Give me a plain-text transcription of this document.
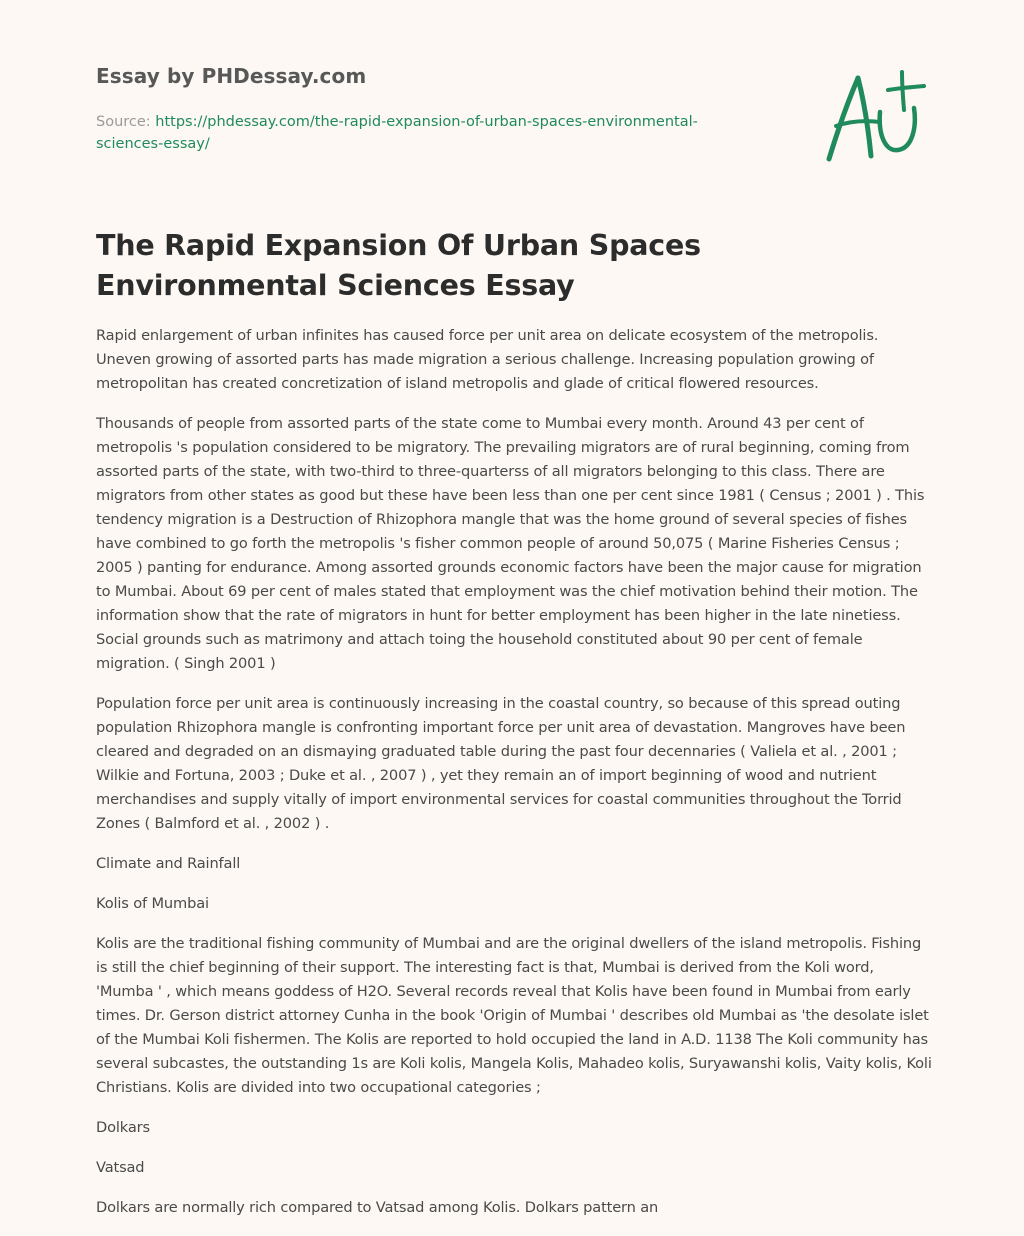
Essay by PHDessay.com
Source: https://phdessay.com/the-rapid-expansion-of-urban-spaces-environmental-sciences-essay/
The Rapid Expansion Of Urban Spaces Environmental Sciences Essay

Rapid enlargement of urban infinites has caused force per unit area on delicate ecosystem of the metropolis. Uneven growing of assorted parts has made migration a serious challenge. Increasing population growing of metropolitan has created concretization of island metropolis and glade of critical flowered resources.

Thousands of people from assorted parts of the state come to Mumbai every month. Around 43 per cent of metropolis 's population considered to be migratory. The prevailing migrators are of rural beginning, coming from assorted parts of the state, with two-third to three-quarterss of all migrators belonging to this class. There are migrators from other states as good but these have been less than one per cent since 1981 ( Census ; 2001 ) . This tendency migration is a Destruction of Rhizophora mangle that was the home ground of several species of fishes have combined to go forth the metropolis 's fisher common people of around 50,075 ( Marine Fisheries Census ; 2005 ) panting for endurance. Among assorted grounds economic factors have been the major cause for migration to Mumbai. About 69 per cent of males stated that employment was the chief motivation behind their motion. The information show that the rate of migrators in hunt for better employment has been higher in the late ninetiess. Social grounds such as matrimony and attach toing the household constituted about 90 per cent of female migration. ( Singh 2001 )

Population force per unit area is continuously increasing in the coastal country, so because of this spread outing population Rhizophora mangle is confronting important force per unit area of devastation. Mangroves have been cleared and degraded on an dismaying graduated table during the past four decennaries ( Valiela et al. , 2001 ; Wilkie and Fortuna, 2003 ; Duke et al. , 2007 ) , yet they remain an of import beginning of wood and nutrient merchandises and supply vitally of import environmental services for coastal communities throughout the Torrid Zones ( Balmford et al. , 2002 ) .

Climate and Rainfall

Kolis of Mumbai

Kolis are the traditional fishing community of Mumbai and are the original dwellers of the island metropolis. Fishing is still the chief beginning of their support. The interesting fact is that, Mumbai is derived from the Koli word, 'Mumba ' , which means goddess of H2O. Several records reveal that Kolis have been found in Mumbai from early times. Dr. Gerson district attorney Cunha in the book 'Origin of Mumbai ' describes old Mumbai as 'the desolate islet of the Mumbai Koli fishermen. The Kolis are reported to hold occupied the land in A.D. 1138 The Koli community has several subcastes, the outstanding 1s are Koli kolis, Mangela Kolis, Mahadeo kolis, Suryawanshi kolis, Vaity kolis, Koli Christians. Kolis are divided into two occupational categories ;

Dolkars

Vatsad

Dolkars are normally rich compared to Vatsad among Kolis. Dolkars pattern an
